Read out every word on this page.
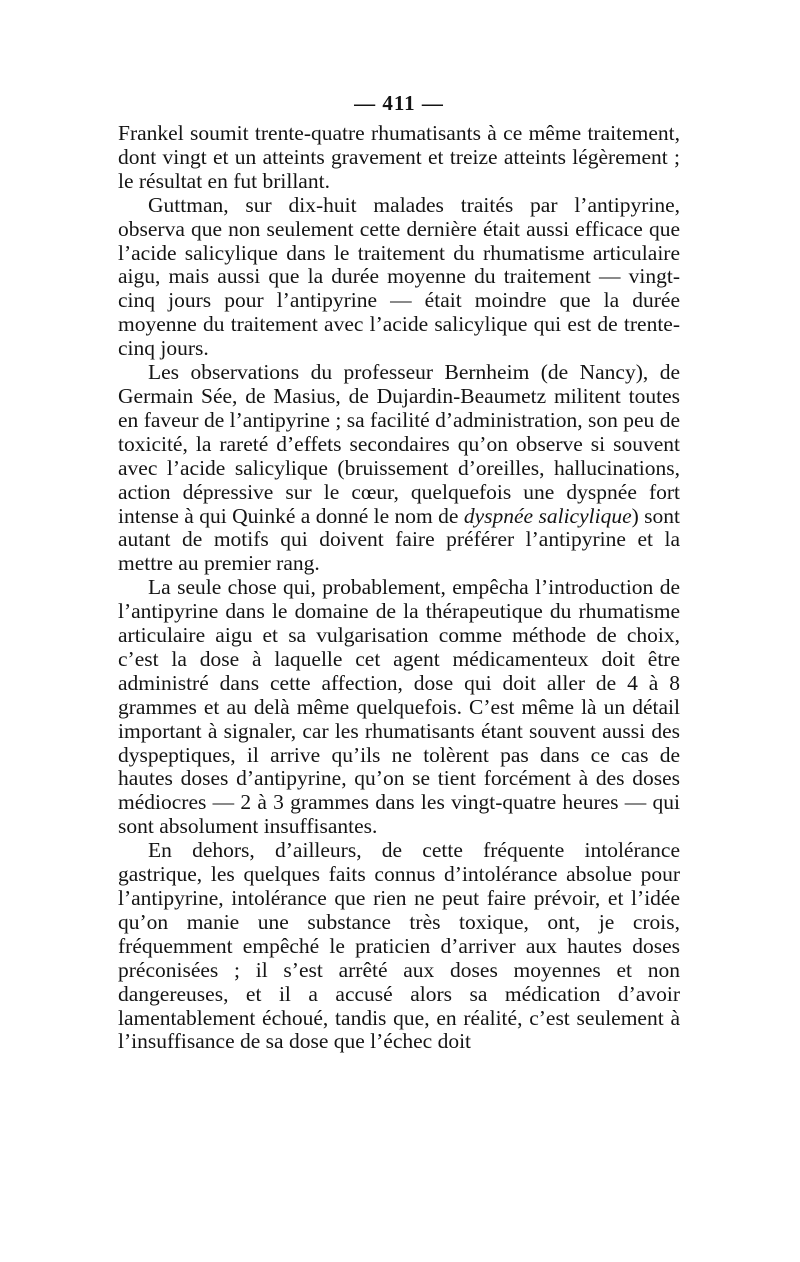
— 411 —

Frankel soumit trente-quatre rhumatisants à ce même traitement, dont vingt et un atteints gravement et treize atteints légèrement ; le résultat en fut brillant.

Guttman, sur dix-huit malades traités par l’antipyrine, observa que non seulement cette dernière était aussi efficace que l’acide salicylique dans le traitement du rhumatisme articulaire aigu, mais aussi que la durée moyenne du traitement — vingt-cinq jours pour l’antipyrine — était moindre que la durée moyenne du traitement avec l’acide salicylique qui est de trente-cinq jours.

Les observations du professeur Bernheim (de Nancy), de Germain Sée, de Masius, de Dujardin-Beaumetz militent toutes en faveur de l’antipyrine ; sa facilité d’administration, son peu de toxicité, la rareté d’effets secondaires qu’on observe si souvent avec l’acide salicylique (bruissement d’oreilles, hallucinations, action dépressive sur le cœur, quelquefois une dyspnée fort intense à qui Quinké a donné le nom de dyspnée salicylique) sont autant de motifs qui doivent faire préférer l’antipyrine et la mettre au premier rang.

La seule chose qui, probablement, empêcha l’introduction de l’antipyrine dans le domaine de la thérapeutique du rhumatisme articulaire aigu et sa vulgarisation comme méthode de choix, c’est la dose à laquelle cet agent médicamenteux doit être administré dans cette affection, dose qui doit aller de 4 à 8 grammes et au delà même quelquefois. C’est même là un détail important à signaler, car les rhumatisants étant souvent aussi des dyspeptiques, il arrive qu’ils ne tolèrent pas dans ce cas de hautes doses d’antipyrine, qu’on se tient forcément à des doses médiocres — 2 à 3 grammes dans les vingt-quatre heures — qui sont absolument insuffisantes.

En dehors, d’ailleurs, de cette fréquente intolérance gastrique, les quelques faits connus d’intolérance absolue pour l’antipyrine, intolérance que rien ne peut faire prévoir, et l’idée qu’on manie une substance très toxique, ont, je crois, fréquemment empêché le praticien d’arriver aux hautes doses préconisées ; il s’est arrêté aux doses moyennes et non dangereuses, et il a accusé alors sa médication d’avoir lamentablement échoué, tandis que, en réalité, c’est seulement à l’insuffisance de sa dose que l’échec doit
